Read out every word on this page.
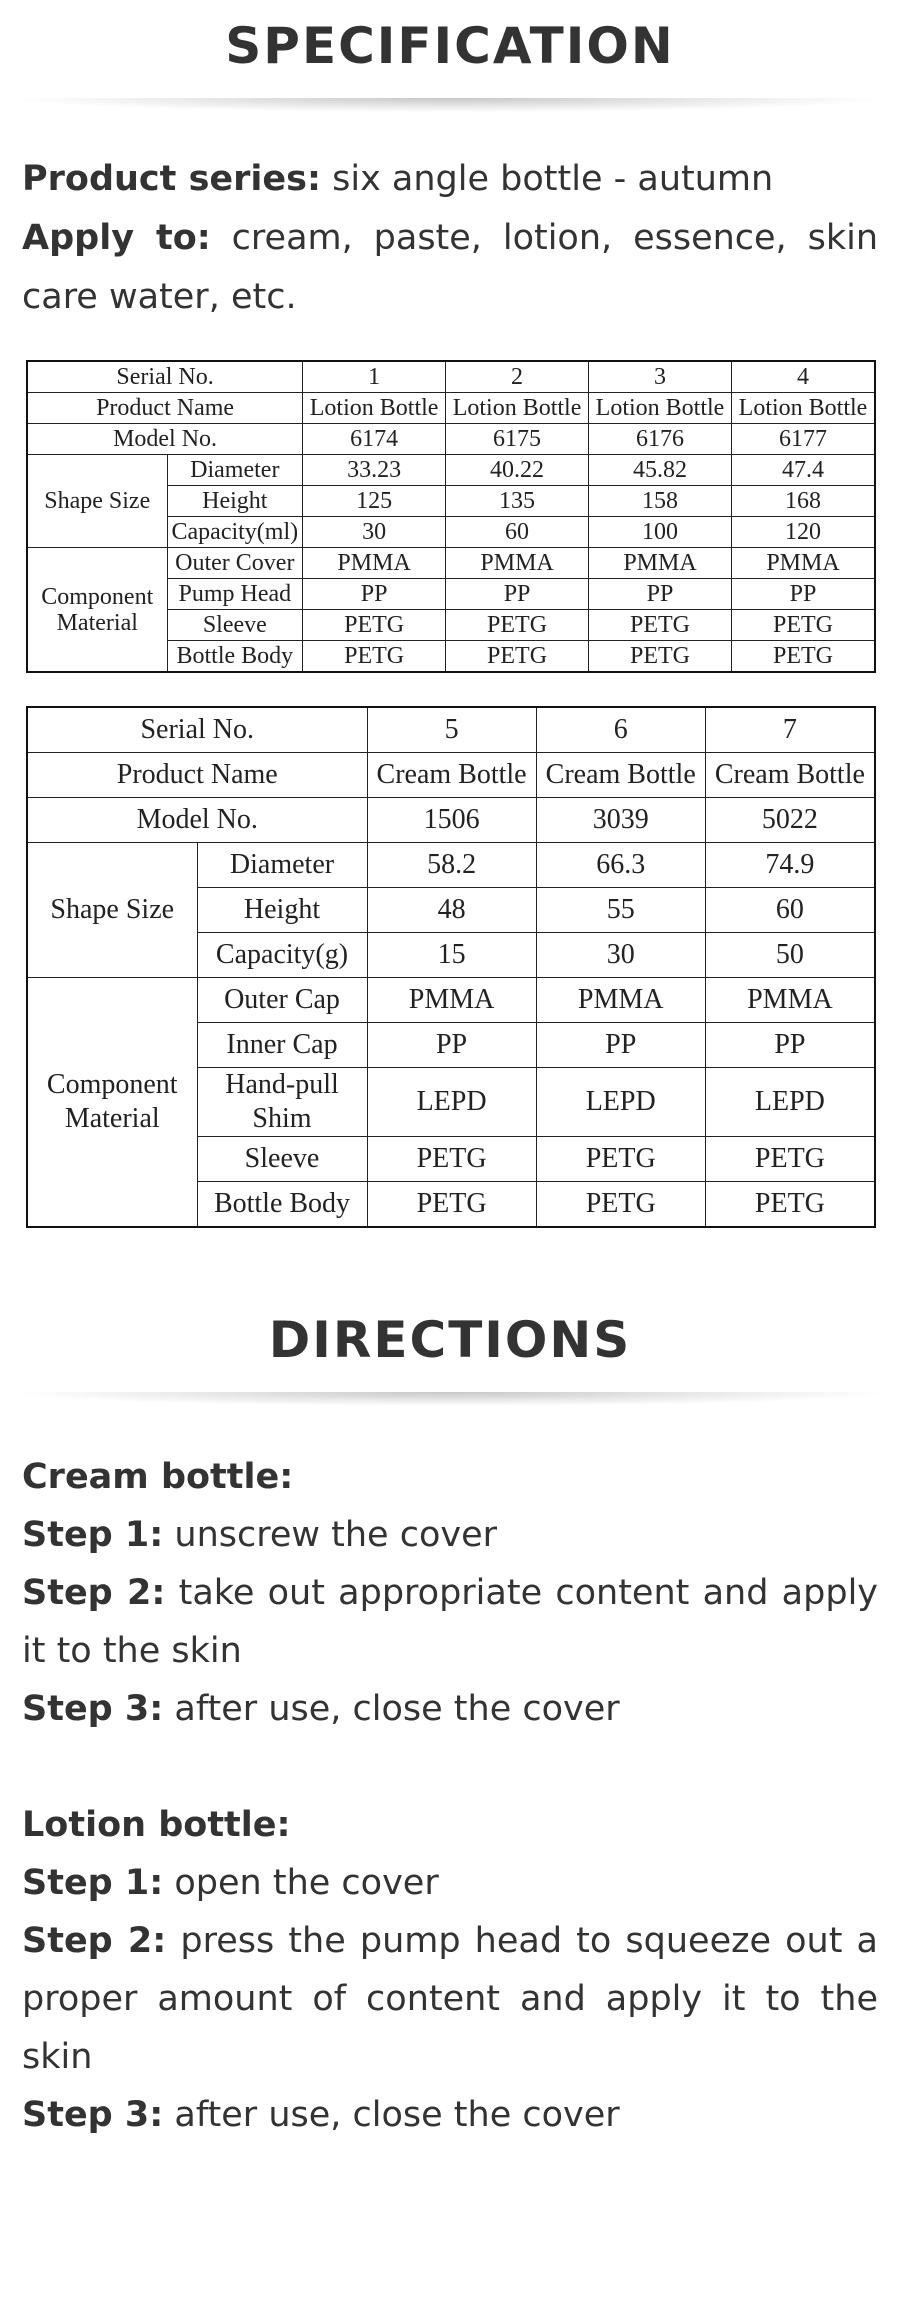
SPECIFICATION

Product series: six angle bottle - autumn

Apply to: cream, paste, lotion, essence, skin care water, etc.

Serial No.		1	2	3	4
Product Name		Lotion Bottle	Lotion Bottle	Lotion Bottle	Lotion Bottle
Model No.		6174	6175	6176	6177
Shape Size	Diameter	33.23	40.22	45.82	47.4
	Height	125	135	158	168
	Capacity(ml)	30	60	100	120
Component Material	Outer Cover	PMMA	PMMA	PMMA	PMMA
	Pump Head	PP	PP	PP	PP
	Sleeve	PETG	PETG	PETG	PETG
	Bottle Body	PETG	PETG	PETG	PETG
Serial No.		5	6	7
Product Name		Cream Bottle	Cream Bottle	Cream Bottle
Model No.		1506	3039	5022
Shape Size	Diameter	58.2	66.3	74.9
	Height	48	55	60
	Capacity(g)	15	30	50
Component Material	Outer Cap	PMMA	PMMA	PMMA
	Inner Cap	PP	PP	PP
	Hand-pull Shim	LEPD	LEPD	LEPD
	Sleeve	PETG	PETG	PETG
	Bottle Body	PETG	PETG	PETG
DIRECTIONS

Cream bottle:

Step 1: unscrew the cover

Step 2: take out appropriate content and apply it to the skin

Step 3: after use, close the cover

Lotion bottle:

Step 1: open the cover

Step 2: press the pump head to squeeze out a proper amount of content and apply it to the skin

Step 3: after use, close the cover
